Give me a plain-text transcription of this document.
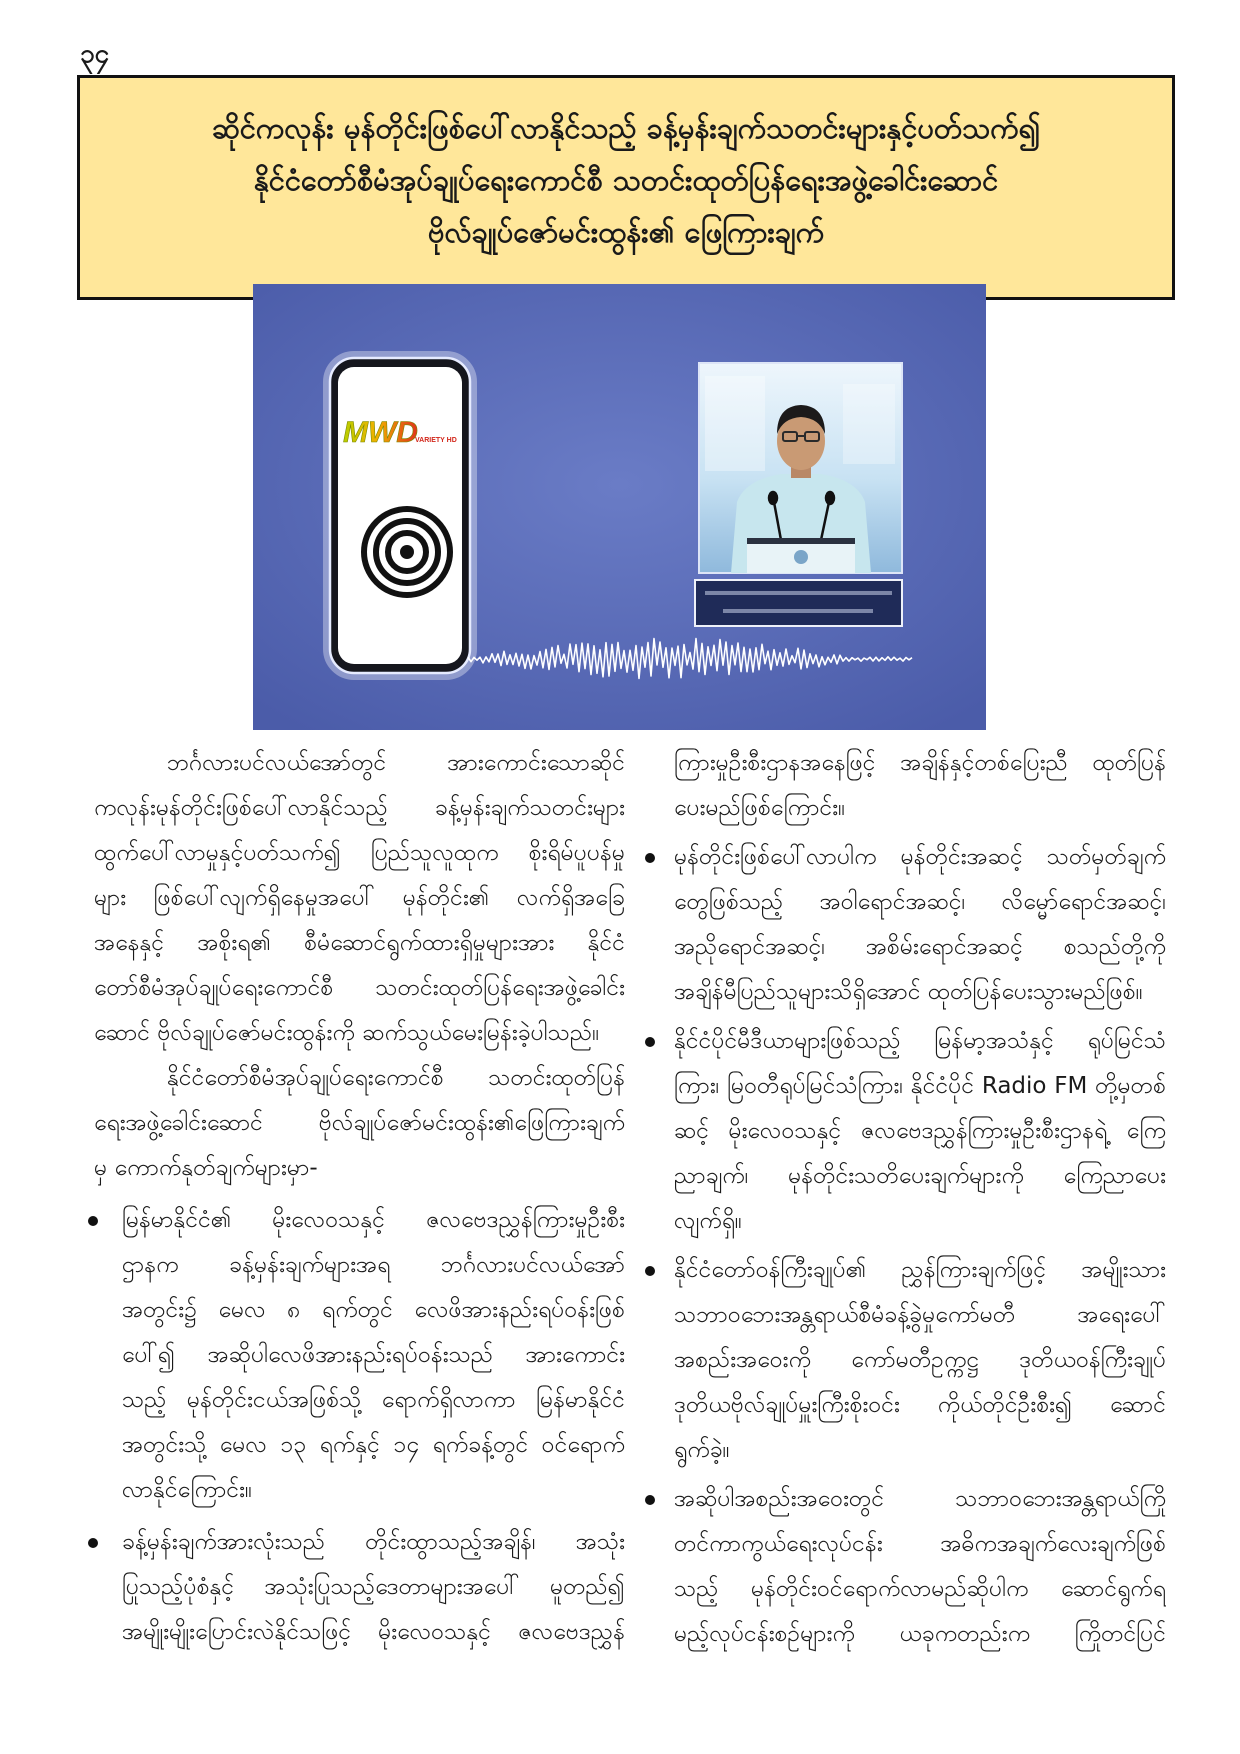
၃၄
ဆိုင်ကလုန်း မုန်တိုင်းဖြစ်ပေါ်လာနိုင်သည့် ခန့်မှန်းချက်သတင်းများနှင့်ပတ်သက်၍
နိုင်ငံတော်စီမံအုပ်ချုပ်ရေးကောင်စီ သတင်းထုတ်ပြန်ရေးအဖွဲ့ခေါင်းဆောင်
ဗိုလ်ချုပ်ဇော်မင်းထွန်း၏ ဖြေကြားချက်
MWD
VARIETY HD
ဘင်္ဂလားပင်လယ်အော်တွင် အားကောင်းသောဆိုင်
ကလုန်းမုန်တိုင်းဖြစ်ပေါ်လာနိုင်သည့် ခန့်မှန်းချက်သတင်းများ
ထွက်ပေါ်လာမှုနှင့်ပတ်သက်၍ ပြည်သူလူထုက စိုးရိမ်ပူပန်မှု
များ ဖြစ်ပေါ်လျက်ရှိနေမှုအပေါ် မုန်တိုင်း၏ လက်ရှိအခြေ
အနေနှင့် အစိုးရ၏ စီမံဆောင်ရွက်ထားရှိမှုများအား နိုင်ငံ
တော်စီမံအုပ်ချုပ်ရေးကောင်စီ သတင်းထုတ်ပြန်ရေးအဖွဲ့ခေါင်း
ဆောင် ဗိုလ်ချုပ်ဇော်မင်းထွန်းကို ဆက်သွယ်မေးမြန်းခဲ့ပါသည်။
နိုင်ငံတော်စီမံအုပ်ချုပ်ရေးကောင်စီ သတင်းထုတ်ပြန်
ရေးအဖွဲ့ခေါင်းဆောင် ဗိုလ်ချုပ်ဇော်မင်းထွန်း၏ဖြေကြားချက်
မှ ကောက်နုတ်ချက်များမှာ-
မြန်မာနိုင်ငံ၏ မိုးလေဝသနှင့် ဇလဗေဒညွှန်ကြားမှုဦးစီး
ဌာနက ခန့်မှန်းချက်များအရ ဘင်္ဂလားပင်လယ်အော်
အတွင်း၌ မေလ ၈ ရက်တွင် လေဖိအားနည်းရပ်ဝန်းဖြစ်
ပေါ်၍ အဆိုပါလေဖိအားနည်းရပ်ဝန်းသည် အားကောင်း
သည့် မုန်တိုင်းငယ်အဖြစ်သို့ ရောက်ရှိလာကာ မြန်မာနိုင်ငံ
အတွင်းသို့ မေလ ၁၃ ရက်နှင့် ၁၄ ရက်ခန့်တွင် ဝင်ရောက်
လာနိုင်ကြောင်း။
ခန့်မှန်းချက်အားလုံးသည် တိုင်းထွာသည့်အချိန်၊ အသုံး
ပြုသည့်ပုံစံနှင့် အသုံးပြုသည့်ဒေတာများအပေါ် မူတည်၍
အမျိုးမျိုးပြောင်းလဲနိုင်သဖြင့် မိုးလေဝသနှင့် ဇလဗေဒညွှန်
ကြားမှုဦးစီးဌာနအနေဖြင့် အချိန်နှင့်တစ်ပြေးညီ ထုတ်ပြန်
ပေးမည်ဖြစ်ကြောင်း။
မုန်တိုင်းဖြစ်ပေါ်လာပါက မုန်တိုင်းအဆင့် သတ်မှတ်ချက်
တွေဖြစ်သည့် အဝါရောင်အဆင့်၊ လိမ္မော်ရောင်အဆင့်၊
အညိုရောင်အဆင့်၊ အစိမ်းရောင်အဆင့် စသည်တို့ကို
အချိန်မီပြည်သူများသိရှိအောင် ထုတ်ပြန်ပေးသွားမည်ဖြစ်။
နိုင်ငံပိုင်မီဒီယာများဖြစ်သည့် မြန်မာ့အသံနှင့် ရုပ်မြင်သံ
ကြား၊ မြဝတီရုပ်မြင်သံကြား၊ နိုင်ငံပိုင် Radio FM တို့မှတစ်
ဆင့် မိုးလေဝသနှင့် ဇလဗေဒညွှန်ကြားမှုဦးစီးဌာနရဲ့ ကြေ
ညာချက်၊ မုန်တိုင်းသတိပေးချက်များကို ကြေညာပေး
လျက်ရှိ။
နိုင်ငံတော်ဝန်ကြီးချုပ်၏ ညွှန်ကြားချက်ဖြင့် အမျိုးသား
သဘာဝဘေးအန္တရာယ်စီမံခန့်ခွဲမှုကော်မတီ အရေးပေါ်
အစည်းအဝေးကို ကော်မတီဥက္ကဋ္ဌ ဒုတိယဝန်ကြီးချုပ်
ဒုတိယဗိုလ်ချုပ်မှူးကြီးစိုးဝင်း ကိုယ်တိုင်ဦးစီး၍ ဆောင်
ရွက်ခဲ့။
အဆိုပါအစည်းအဝေးတွင် သဘာဝဘေးအန္တရာယ်ကြို
တင်ကာကွယ်ရေးလုပ်ငန်း အဓိကအချက်လေးချက်ဖြစ်
သည့် မုန်တိုင်းဝင်ရောက်လာမည်ဆိုပါက ဆောင်ရွက်ရ
မည့်လုပ်ငန်းစဉ်များကို ယခုကတည်းက ကြိုတင်ပြင်
